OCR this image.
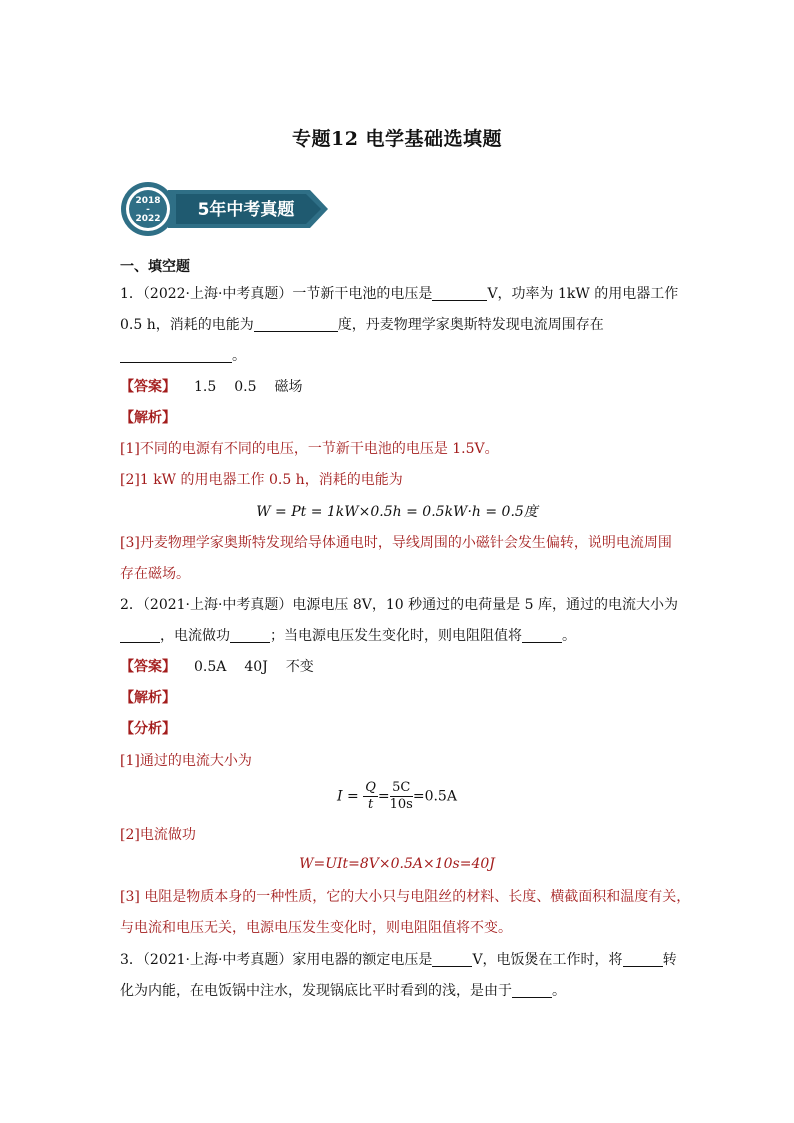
专题12 电学基础选填题
2018
-
2022 5年中考真题
一、填空题
1．（2022·上海·中考真题）一节新干电池的电压是	V，功率为 1kW 的用电器工作
0.5 h，消耗的电能为	度，丹麦物理学家奥斯特发现电流周围存在
。
【答案】 1.5 0.5 磁场
【解析】
[1]不同的电源有不同的电压，一节新干电池的电压是 1.5V。
[2]1 kW 的用电器工作 0.5 h，消耗的电能为
W = Pt = 1kW×0.5h = 0.5kW·h = 0.5度
[3]丹麦物理学家奥斯特发现给导体通电时，导线周围的小磁针会发生偏转，说明电流周围
存在磁场。
2．（2021·上海·中考真题）电源电压 8V，10 秒通过的电荷量是 5 库，通过的电流大小为
，电流做功	；当电源电压发生变化时，则电阻阻值将	。
【答案】 0.5A 40J 不变
【解析】
【分析】
[1]通过的电流大小为
$I = \frac{Q}{t} = \frac{5C}{10s} =0.5A$
[2]电流做功
W=UIt=8V×0.5A×10s=40J
[3] 电阻是物质本身的一种性质，它的大小只与电阻丝的材料、长度、横截面积和温度有关，
与电流和电压无关，电源电压发生变化时，则电阻阻值将不变。
3．（2021·上海·中考真题）家用电器的额定电压是	V，电饭煲在工作时，将	转
化为内能，在电饭锅中注水，发现锅底比平时看到的浅，是由于	。
